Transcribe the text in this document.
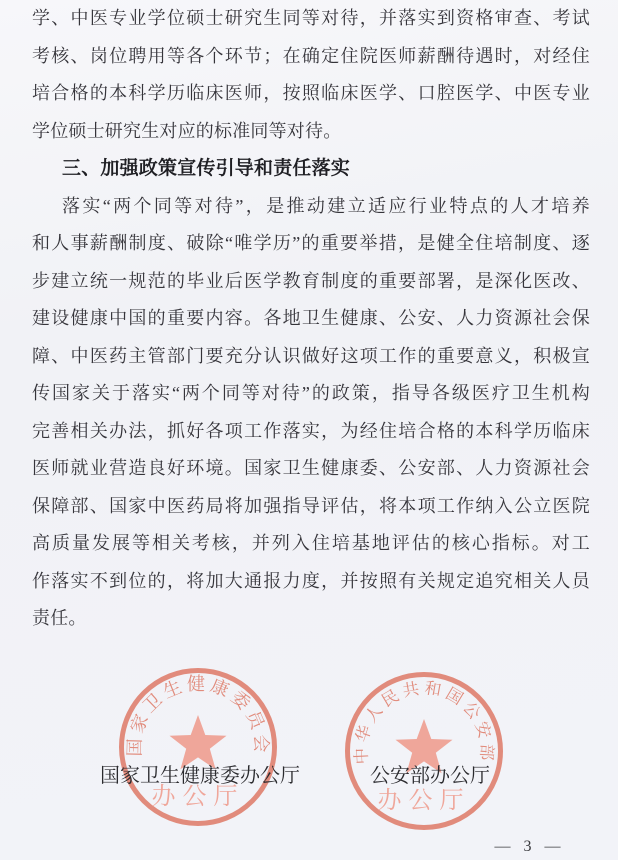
学、中医专业学位硕士研究生同等对待，并落实到资格审查、考试
考核、岗位聘用等各个环节；在确定住院医师薪酬待遇时，对经住
培合格的本科学历临床医师，按照临床医学、口腔医学、中医专业
学位硕士研究生对应的标准同等对待。
三、加强政策宣传引导和责任落实
落实“两个同等对待”，是推动建立适应行业特点的人才培养
和人事薪酬制度、破除“唯学历”的重要举措，是健全住培制度、逐
步建立统一规范的毕业后医学教育制度的重要部署，是深化医改、
建设健康中国的重要内容。各地卫生健康、公安、人力资源社会保
障、中医药主管部门要充分认识做好这项工作的重要意义，积极宣
传国家关于落实“两个同等对待”的政策，指导各级医疗卫生机构
完善相关办法，抓好各项工作落实，为经住培合格的本科学历临床
医师就业营造良好环境。国家卫生健康委、公安部、人力资源社会
保障部、国家中医药局将加强指导评估，将本项工作纳入公立医院
高质量发展等相关考核，并列入住培基地评估的核心指标。对工
作落实不到位的，将加大通报力度，并按照有关规定追究相关人员
责任。
国家卫生健康委员会
办公厅
中华人民共和国公安部
办公厅
国家卫生健康委办公厅	公安部办公厅
— 3 —
